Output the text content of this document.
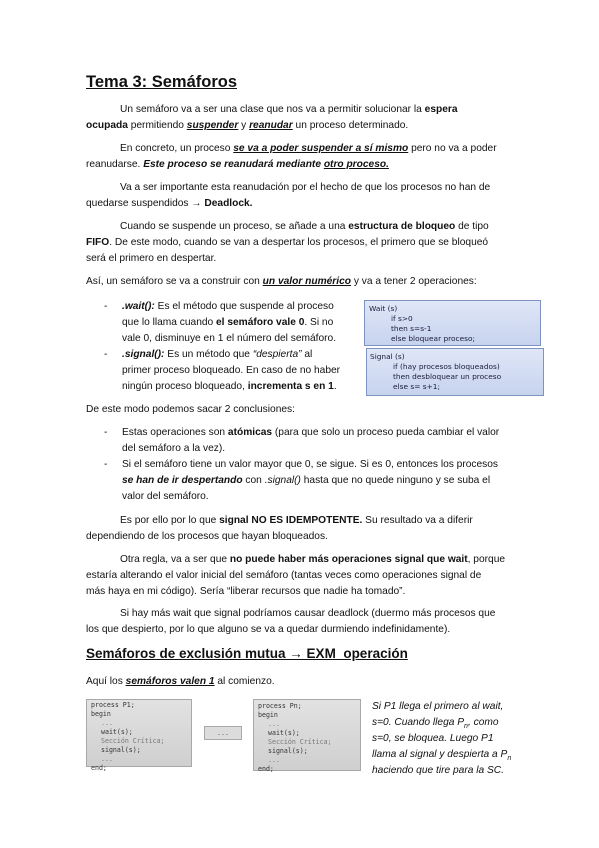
Tema 3: Semáforos
Un semáforo va a ser una clase que nos va a permitir solucionar la espera
ocupada permitiendo suspender y reanudar un proceso determinado.
En concreto, un proceso se va a poder suspender a sí mismo pero no va a poder
reanudarse. Este proceso se reanudará mediante otro proceso.
Va a ser importante esta reanudación por el hecho de que los procesos no han de
quedarse suspendidos → Deadlock.
Cuando se suspende un proceso, se añade a una estructura de bloqueo de tipo
FIFO. De este modo, cuando se van a despertar los procesos, el primero que se bloqueó
será el primero en despertar.
Así, un semáforo se va a construir con un valor numérico y va a tener 2 operaciones:
- .wait(): Es el método que suspende al proceso
que lo llama cuando el semáforo vale 0. Si no
vale 0, disminuye en 1 el número del semáforo.
- .signal(): Es un método que “despierta” al
primer proceso bloqueado. En caso de no haber
ningún proceso bloqueado, incrementa s en 1.
Wait (s)
if s>0
then s=s-1
else bloquear proceso;
Signal (s)
if (hay procesos bloqueados)
then desbloquear un proceso
else s= s+1;
De este modo podemos sacar 2 conclusiones:
- Estas operaciones son atómicas (para que solo un proceso pueda cambiar el valor
del semáforo a la vez).
- Si el semáforo tiene un valor mayor que 0, se sigue. Si es 0, entonces los procesos
se han de ir despertando con .signal() hasta que no quede ninguno y se suba el
valor del semáforo.
Es por ello por lo que signal NO ES IDEMPOTENTE. Su resultado va a diferir
dependiendo de los procesos que hayan bloqueados.
Otra regla, va a ser que no puede haber más operaciones signal que wait, porque
estaría alterando el valor inicial del semáforo (tantas veces como operaciones signal de
más haya en mi código). Sería “liberar recursos que nadie ha tomado”.
Si hay más wait que signal podríamos causar deadlock (duermo más procesos que
los que despierto, por lo que alguno se va a quedar durmiendo indefinidamente).
Semáforos de exclusión mutua → EXM_operación
Aquí los semáforos valen 1 al comienzo.
process P1;
begin
...
wait(s);
Sección Crítica;
signal(s);
...
end;
...
process Pn;
begin
...
wait(s);
Sección Crítica;
signal(s);
...
end;
Si P1 llega el primero al wait,
s=0. Cuando llega $P_n$, como
s=0, se bloquea. Luego P1
llama al signal y despierta a $P_n$
haciendo que tire para la SC.
